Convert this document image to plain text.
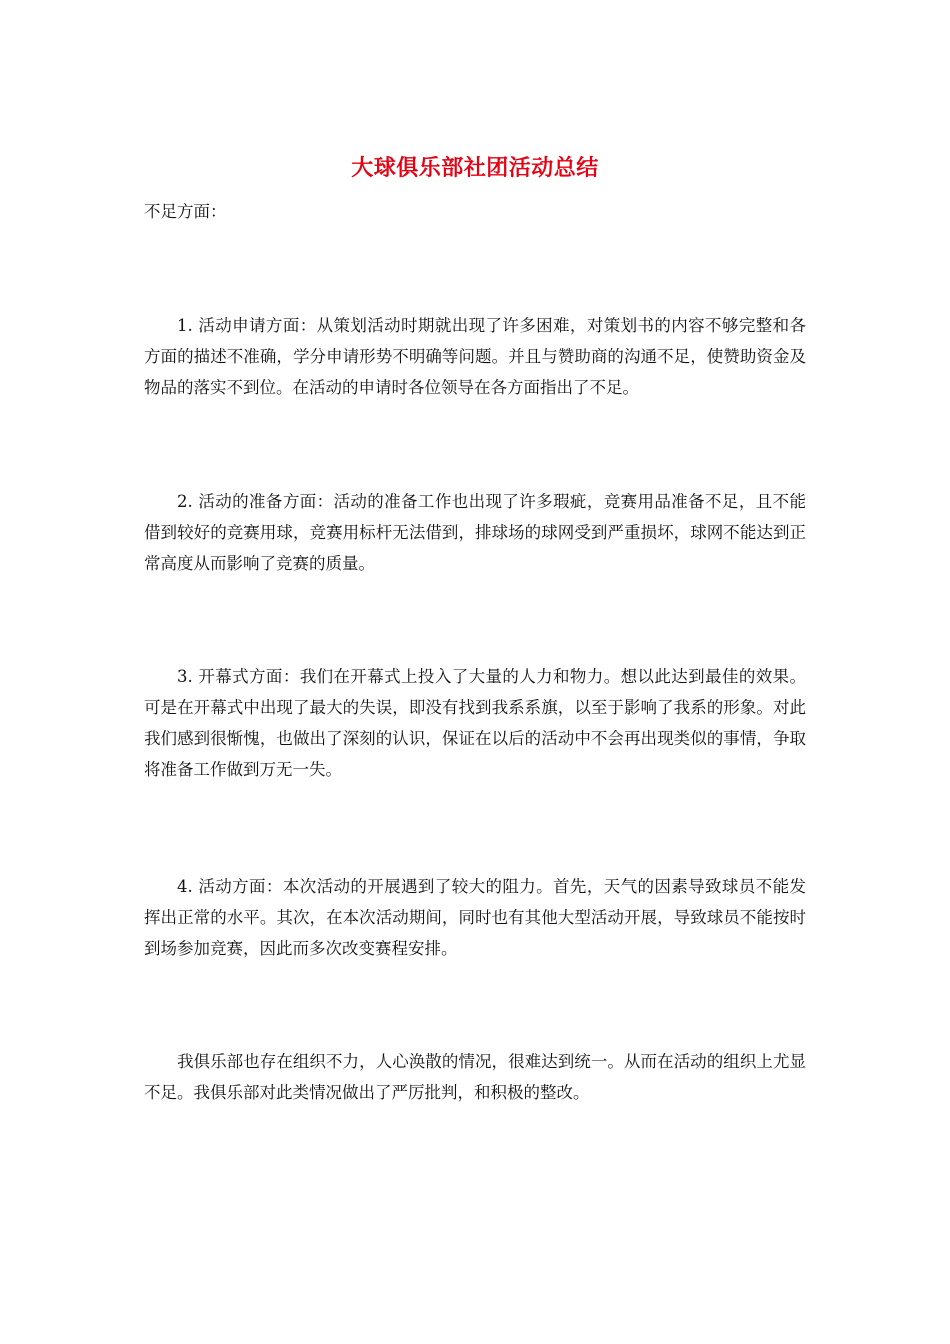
大球俱乐部社团活动总结

不足方面：

1. 活动申请方面：从策划活动时期就出现了许多困难，对策划书的内容不够完整和各方面的描述不准确，学分申请形势不明确等问题。并且与赞助商的沟通不足，使赞助资金及物品的落实不到位。在活动的申请时各位领导在各方面指出了不足。

2. 活动的准备方面：活动的准备工作也出现了许多瑕疵，竞赛用品准备不足，且不能借到较好的竞赛用球，竞赛用标杆无法借到，排球场的球网受到严重损坏，球网不能达到正常高度从而影响了竞赛的质量。

3. 开幕式方面：我们在开幕式上投入了大量的人力和物力。想以此达到最佳的效果。可是在开幕式中出现了最大的失误，即没有找到我系系旗，以至于影响了我系的形象。对此我们感到很惭愧，也做出了深刻的认识，保证在以后的活动中不会再出现类似的事情，争取将准备工作做到万无一失。

4. 活动方面：本次活动的开展遇到了较大的阻力。首先，天气的因素导致球员不能发挥出正常的水平。其次，在本次活动期间，同时也有其他大型活动开展，导致球员不能按时到场参加竞赛，因此而多次改变赛程安排。

我俱乐部也存在组织不力，人心涣散的情况，很难达到统一。从而在活动的组织上尤显不足。我俱乐部对此类情况做出了严厉批判，和积极的整改。
